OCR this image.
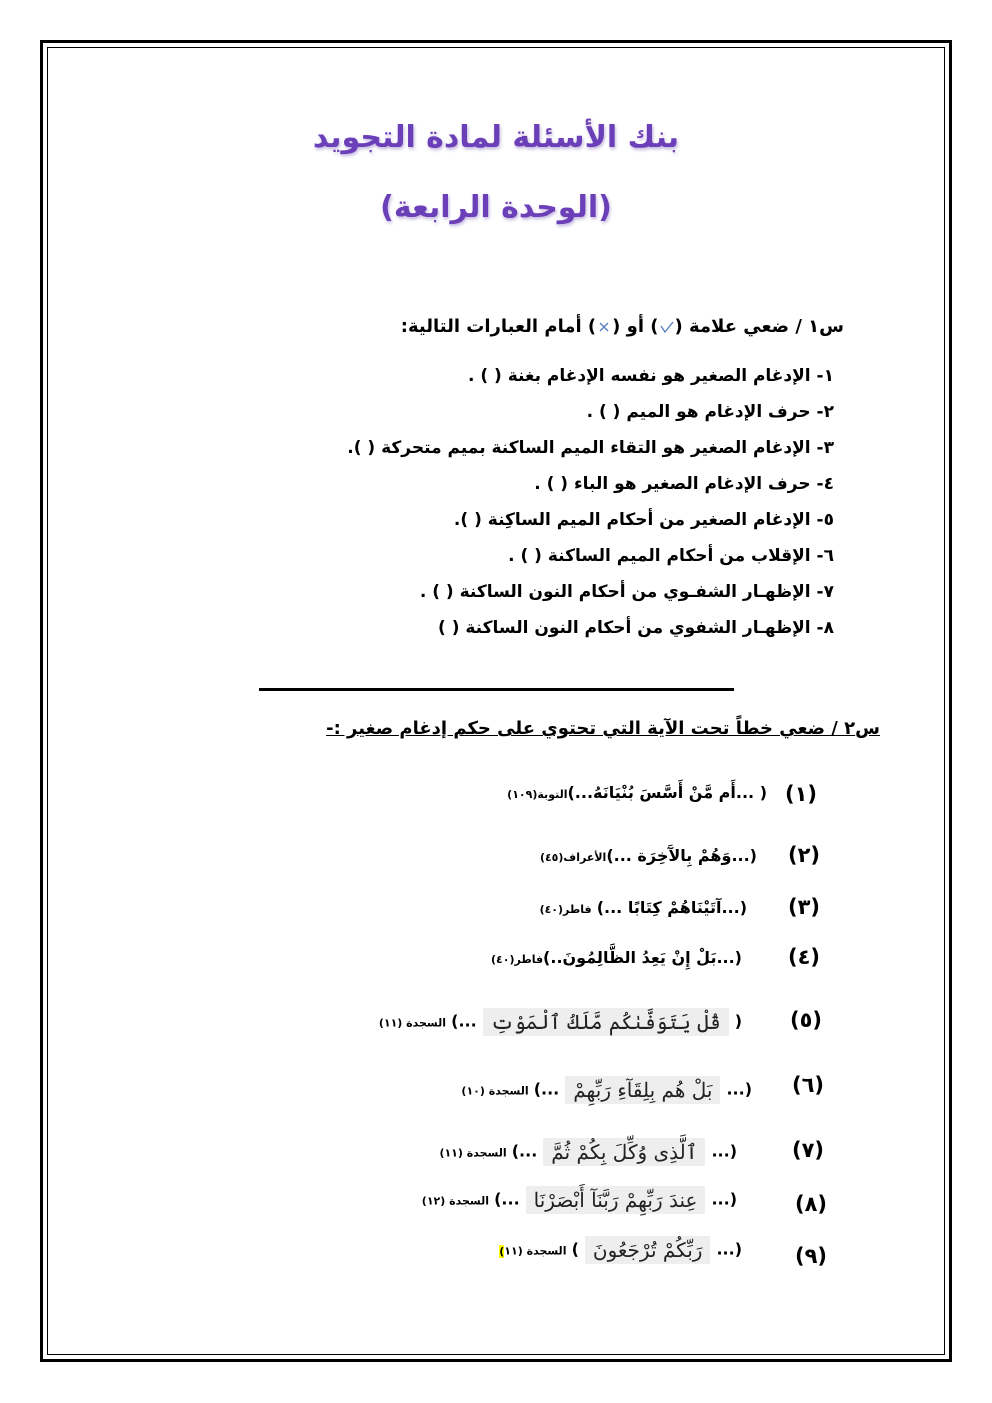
بنك الأسئلة لمادة التجويد
(الوحدة الرابعة)
س١ / ضعي علامة () أو () أمام العبارات التالية:
١- الإدغام الصغير هو نفسه الإدغام بغنة ( ) .
٢- حرف الإدغام هو الميم ( ) .
٣- الإدغام الصغير هو التقاء الميم الساكنة بميم متحركة ( ).
٤- حرف الإدغام الصغير هو الباء ( ) .
٥- الإدغام الصغير من أحكام الميم الساكِنة ( ).
٦- الإقلاب من أحكام الميم الساكنة ( ) .
٧- الإظهـار الشفـوي من أحكام النون الساكنة ( ) .
٨- الإظهـار الشفوي من أحكام النون الساكنة ( )
س٢ / ضعي خطاً تحت الآية التي تحتوي على حكم إدغام صغير :-
(١)
( ...أَم مَّنْ أَسَّسَ بُنْيَانَهُ...)التوبة(١٠٩)
(٢)
(...وَهُمْ بِالآَخِرَة ...)الأعراف(٤٥)
(٣)
(...آتَيْنَاهُمْ كِتَابًا ...) فاطر(٤٠)
(٤)
(...بَلْ إِنْ يَعِدُ الظَّالِمُونَ..)فاطر(٤٠)
(٥)
(قُلْ يَتَوَفَّىٰكُم مَّلَكُ ٱلْمَوْتِ...) السجدة (١١)
(٦)
(...بَلْ هُم بِلِقَآءِ رَبِّهِمْ...) السجدة (١٠)
(٧)
(...ٱلَّذِى وُكِّلَ بِكُمْ ثُمَّ...) السجدة (١١)
(٨)
(...عِندَ رَبِّهِمْ رَبَّنَآ أَبْصَرْنَا...) السجدة (١٢)
(٩)
(...رَبِّكُمْ تُرْجَعُونَ) السجدة (١١)
